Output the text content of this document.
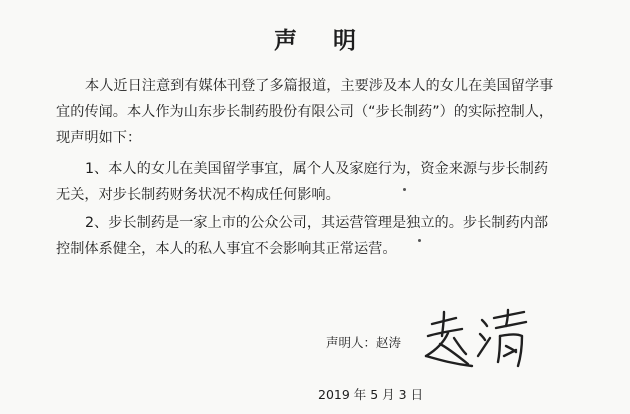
声 明

本人近日注意到有媒体刊登了多篇报道，主要涉及本人的女儿在美国留学事

宜的传闻。本人作为山东步长制药股份有限公司（“步长制药”）的实际控制人，

现声明如下：

1、本人的女儿在美国留学事宜，属个人及家庭行为，资金来源与步长制药

无关，对步长制药财务状况不构成任何影响。

2、步长制药是一家上市的公众公司，其运营管理是独立的。步长制药内部

控制体系健全，本人的私人事宜不会影响其正常运营。

声明人：赵涛

2019 年 5 月 3 日
